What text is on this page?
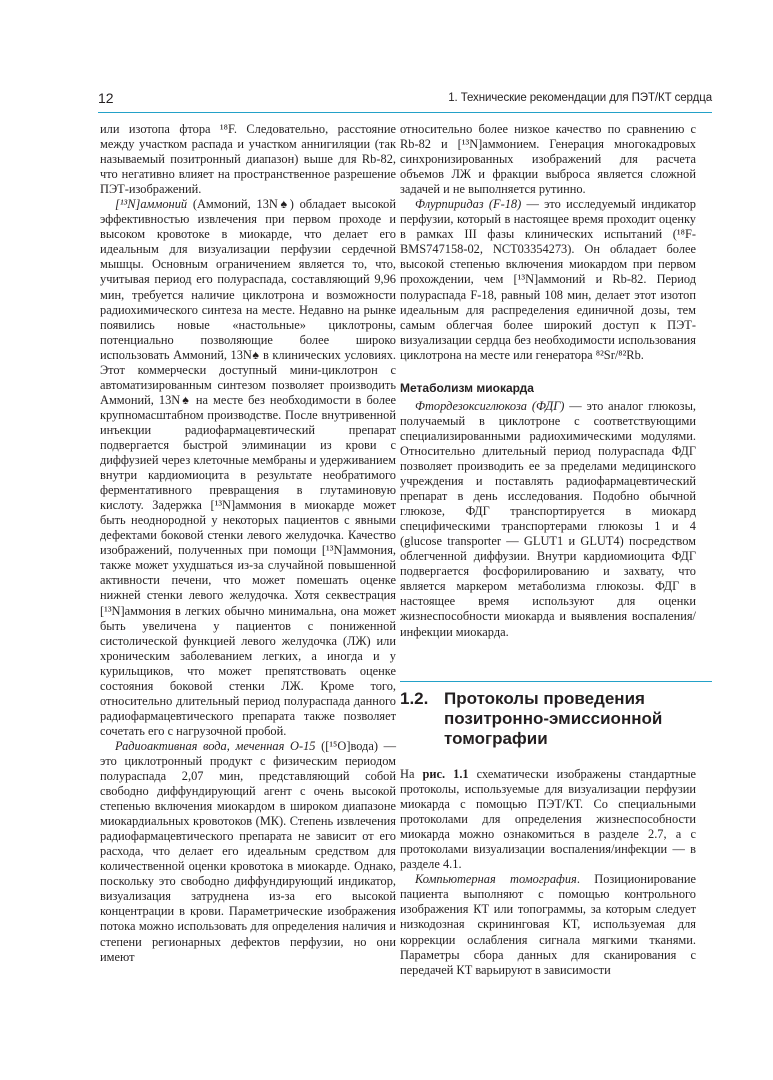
12	1. Технические рекомендации для ПЭТ/КТ сердца

или изотопа фтора ¹⁸F. Следовательно, расстояние между участком распада и участком аннигиляции (так называемый позитронный диапазон) выше для Rb-82, что негативно влияет на пространственное разрешение ПЭТ-изображений.

[¹³N]аммоний (Аммоний, 13N♠) обладает высокой эффективностью извлечения при первом проходе и высоком кровотоке в миокарде, что делает его идеальным для визуализации перфузии сердечной мышцы. Основным ограничением является то, что, учитывая период его полураспада, составляющий 9,96 мин, требуется наличие циклотрона и возможности радиохимического синтеза на месте. Недавно на рынке появились новые «настольные» циклотроны, потенциально позволяющие более широко использовать Аммоний, 13N♠ в клинических условиях. Этот коммерчески доступный мини-циклотрон с автоматизированным синтезом позволяет производить Аммоний, 13N♠ на месте без необходимости в более крупномасштабном производстве. После внутривенной инъекции радиофармацевтический препарат подвергается быстрой элиминации из крови с диффузией через клеточные мембраны и удерживанием внутри кардиомиоцита в результате необратимого ферментативного превращения в глутаминовую кислоту. Задержка [¹³N]аммония в миокарде может быть неоднородной у некоторых пациентов с явными дефектами боковой стенки левого желудочка. Качество изображений, полученных при помощи [¹³N]аммония, также может ухудшаться из-за случайной повышенной активности печени, что может помешать оценке нижней стенки левого желудочка. Хотя секвестрация [¹³N]аммония в легких обычно минимальна, она может быть увеличена у пациентов с пониженной систолической функцией левого желудочка (ЛЖ) или хроническим заболеванием легких, а иногда и у курильщиков, что может препятствовать оценке состояния боковой стенки ЛЖ. Кроме того, относительно длительный период полураспада данного радиофармацевтического препарата также позволяет сочетать его с нагрузочной пробой.

Радиоактивная вода, меченная О-15 ([¹⁵O]вода) — это циклотронный продукт с физическим периодом полураспада 2,07 мин, представляющий собой свободно диффундирующий агент с очень высокой степенью включения миокардом в широком диапазоне миокардиальных кровотоков (МК). Степень извлечения радиофармацевтического препарата не зависит от его расхода, что делает его идеальным средством для количественной оценки кровотока в миокарде. Однако, поскольку это свободно диффундирующий индикатор, визуализация затруднена из-за его высокой концентрации в крови. Параметрические изображения потока можно использовать для определения наличия и степени регионарных дефектов перфузии, но они имеют

относительно более низкое качество по сравнению с Rb-82 и [¹³N]аммонием. Генерация многокадровых синхронизированных изображений для расчета объемов ЛЖ и фракции выброса является сложной задачей и не выполняется рутинно.

Флурпиридаз (F-18) — это исследуемый индикатор перфузии, который в настоящее время проходит оценку в рамках III фазы клинических испытаний (¹⁸F-BMS747158-02, NCT03354273). Он обладает более высокой степенью включения миокардом при первом прохождении, чем [¹³N]аммоний и Rb-82. Период полураспада F-18, равный 108 мин, делает этот изотоп идеальным для распределения единичной дозы, тем самым облегчая более широкий доступ к ПЭТ-визуализации сердца без необходимости использования циклотрона на месте или генератора ⁸²Sr/⁸²Rb.

Метаболизм миокарда

Фтордезоксиглюкоза (ФДГ) — это аналог глюкозы, получаемый в циклотроне с соответствующими специализированными радиохимическими модулями. Относительно длительный период полураспада ФДГ позволяет производить ее за пределами медицинского учреждения и поставлять радиофармацевтический препарат в день исследования. Подобно обычной глюкозе, ФДГ транспортируется в миокард специфическими транспортерами глюкозы 1 и 4 (glucose transporter — GLUT1 и GLUT4) посредством облегченной диффузии. Внутри кардиомиоцита ФДГ подвергается фосфорилированию и захвату, что является маркером метаболизма глюкозы. ФДГ в настоящее время используют для оценки жизнеспособности миокарда и выявления воспаления/инфекции миокарда.

1.2. Протоколы проведения позитронно-эмиссионной томографии

На рис. 1.1 схематически изображены стандартные протоколы, используемые для визуализации перфузии миокарда с помощью ПЭТ/КТ. Со специальными протоколами для определения жизнеспособности миокарда можно ознакомиться в разделе 2.7, а с протоколами визуализации воспаления/инфекции — в разделе 4.1.

Компьютерная томография. Позиционирование пациента выполняют с помощью контрольного изображения КТ или топограммы, за которым следует низкодозная скрининговая КТ, используемая для коррекции ослабления сигнала мягкими тканями. Параметры сбора данных для сканирования с передачей КТ варьируют в зависимости
